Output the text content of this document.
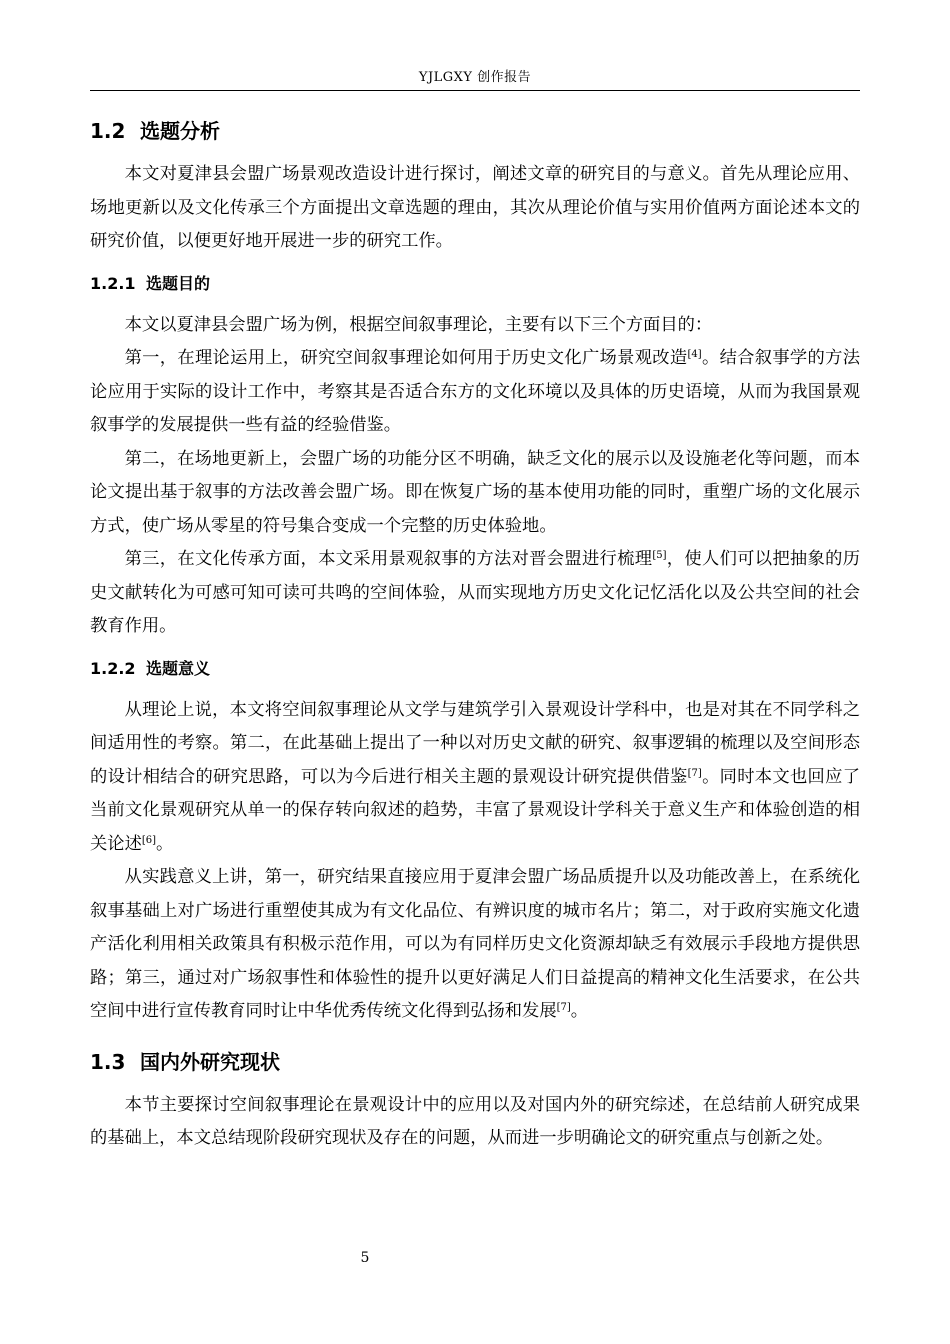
YJLGXY 创作报告
1.2 选题分析

本文对夏津县会盟广场景观改造设计进行探讨，阐述文章的研究目的与意义。首先从理论应用、场地更新以及文化传承三个方面提出文章选题的理由，其次从理论价值与实用价值两方面论述本文的研究价值，以便更好地开展进一步的研究工作。

1.2.1 选题目的

本文以夏津县会盟广场为例，根据空间叙事理论，主要有以下三个方面目的：

第一，在理论运用上，研究空间叙事理论如何用于历史文化广场景观改造[4]。结合叙事学的方法论应用于实际的设计工作中，考察其是否适合东方的文化环境以及具体的历史语境，从而为我国景观叙事学的发展提供一些有益的经验借鉴。

第二，在场地更新上，会盟广场的功能分区不明确，缺乏文化的展示以及设施老化等问题，而本论文提出基于叙事的方法改善会盟广场。即在恢复广场的基本使用功能的同时，重塑广场的文化展示方式，使广场从零星的符号集合变成一个完整的历史体验地。

第三，在文化传承方面，本文采用景观叙事的方法对晋会盟进行梳理[5]，使人们可以把抽象的历史文献转化为可感可知可读可共鸣的空间体验，从而实现地方历史文化记忆活化以及公共空间的社会教育作用。

1.2.2 选题意义

从理论上说，本文将空间叙事理论从文学与建筑学引入景观设计学科中，也是对其在不同学科之间适用性的考察。第二，在此基础上提出了一种以对历史文献的研究、叙事逻辑的梳理以及空间形态的设计相结合的研究思路，可以为今后进行相关主题的景观设计研究提供借鉴[7]。同时本文也回应了当前文化景观研究从单一的保存转向叙述的趋势，丰富了景观设计学科关于意义生产和体验创造的相关论述[6]。

从实践意义上讲，第一，研究结果直接应用于夏津会盟广场品质提升以及功能改善上，在系统化叙事基础上对广场进行重塑使其成为有文化品位、有辨识度的城市名片；第二，对于政府实施文化遗产活化利用相关政策具有积极示范作用，可以为有同样历史文化资源却缺乏有效展示手段地方提供思路；第三，通过对广场叙事性和体验性的提升以更好满足人们日益提高的精神文化生活要求，在公共空间中进行宣传教育同时让中华优秀传统文化得到弘扬和发展[7]。

1.3 国内外研究现状

本节主要探讨空间叙事理论在景观设计中的应用以及对国内外的研究综述，在总结前人研究成果的基础上，本文总结现阶段研究现状及存在的问题，从而进一步明确论文的研究重点与创新之处。

5
